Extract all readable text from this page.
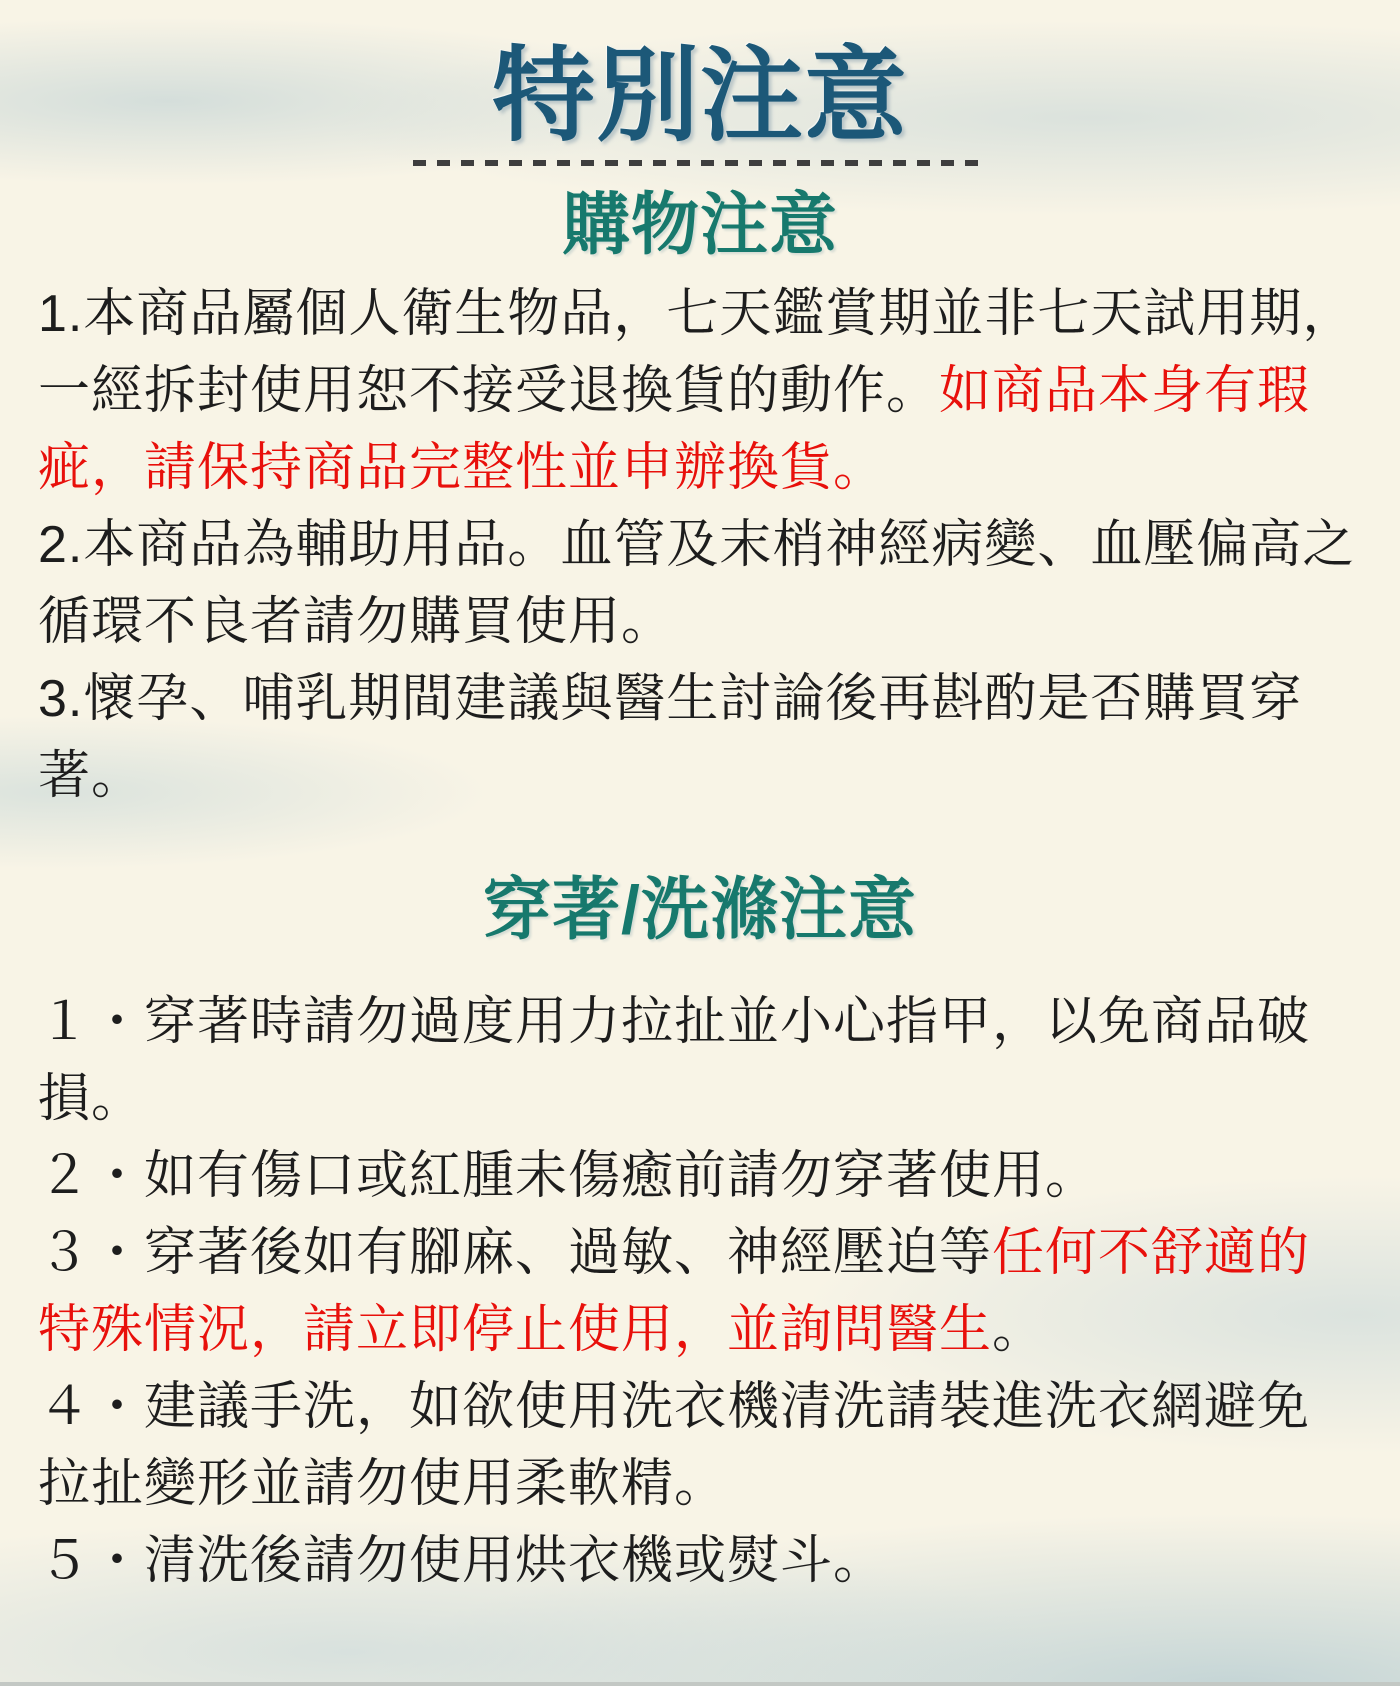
特別注意
購物注意

1.本商品屬個人衛生物品，七天鑑賞期並非七天試用期，一經拆封使用恕不接受退換貨的動作。如商品本身有瑕疵，請保持商品完整性並申辦換貨。

2.本商品為輔助用品。血管及末梢神經病變、血壓偏高之循環不良者請勿購買使用。

3.懷孕、哺乳期間建議與醫生討論後再斟酌是否購買穿著。

穿著/洗滌注意

１・穿著時請勿過度用力拉扯並小心指甲，以免商品破損。

２・如有傷口或紅腫未傷癒前請勿穿著使用。

３・穿著後如有腳麻、過敏、神經壓迫等任何不舒適的特殊情況，請立即停止使用，並詢問醫生。

４・建議手洗，如欲使用洗衣機清洗請裝進洗衣網避免拉扯變形並請勿使用柔軟精。

５・清洗後請勿使用烘衣機或熨斗。
